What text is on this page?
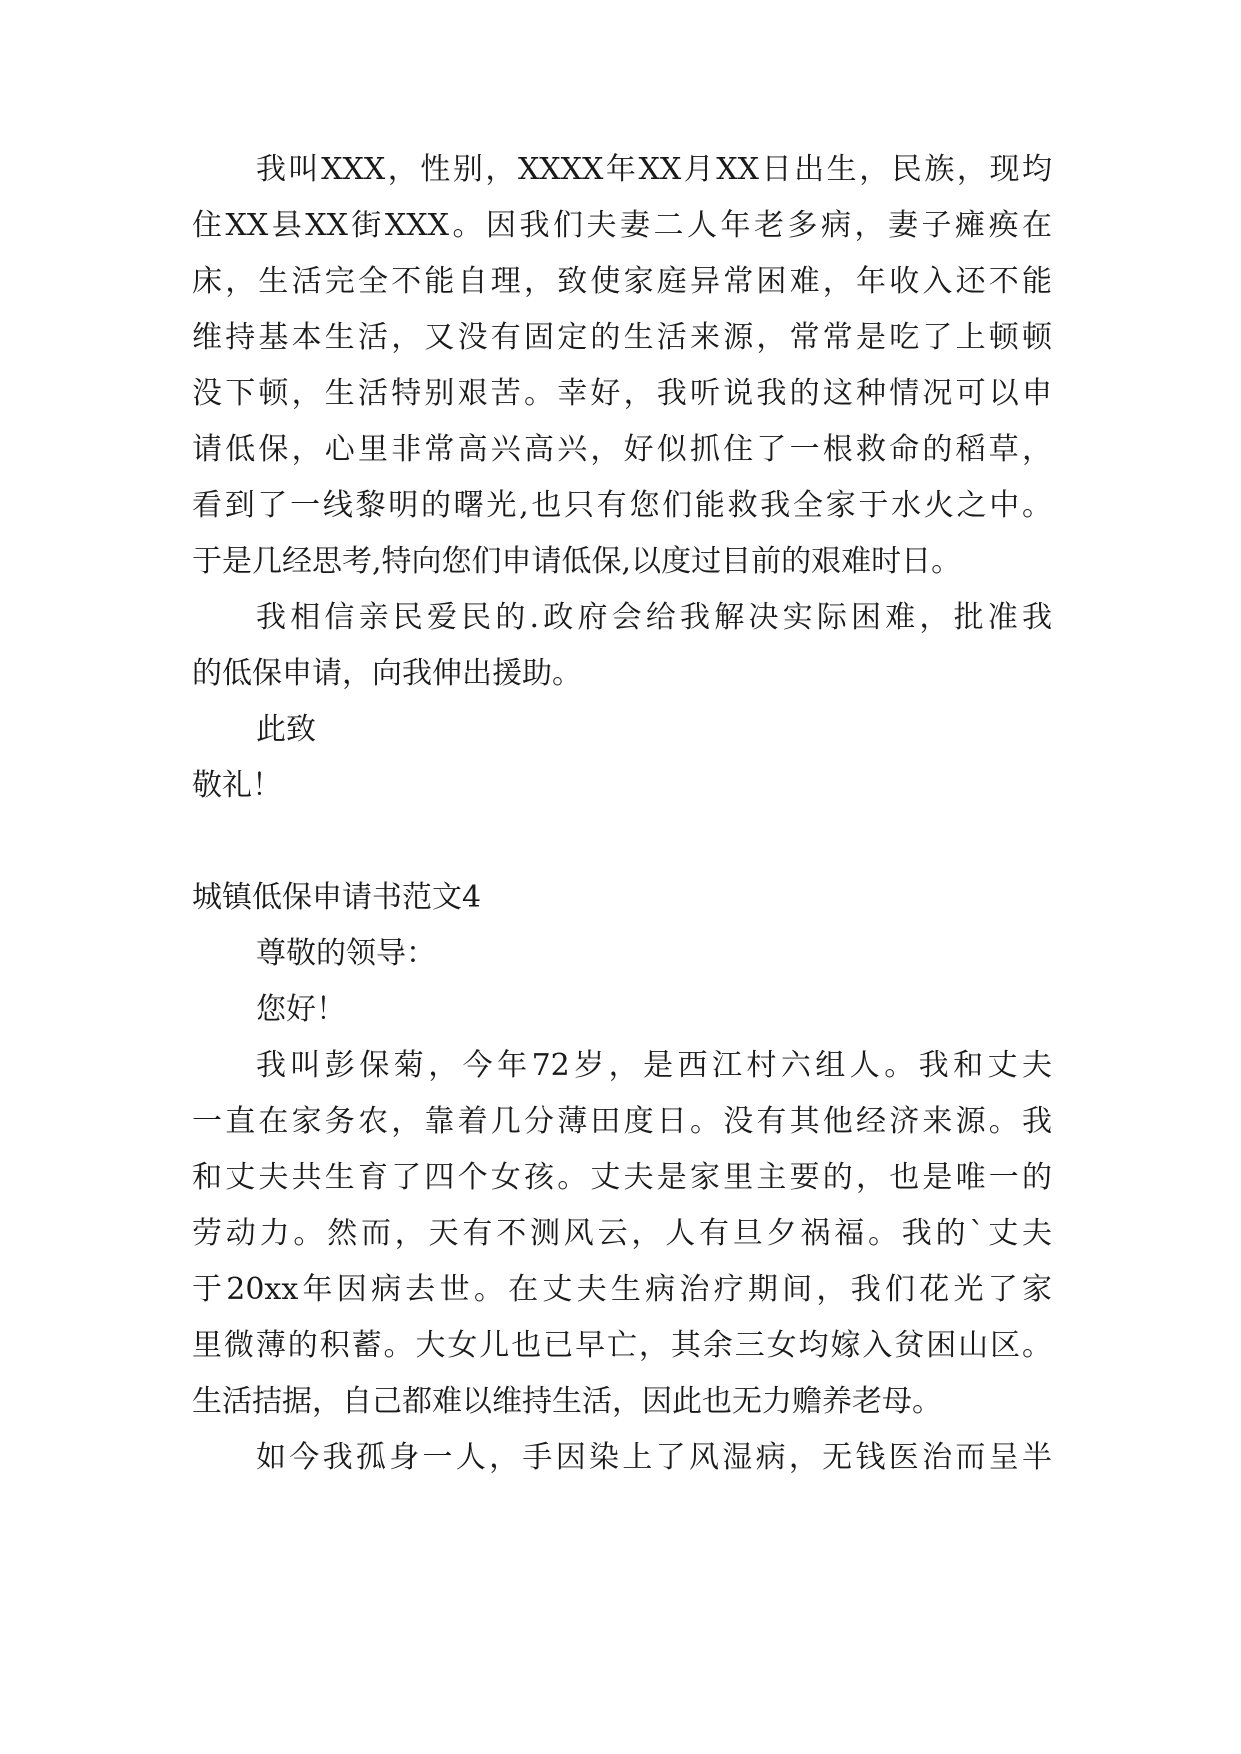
我叫XXX，性别，XXXX年XX月XX日出生，民族，现均
住XX县XX街XXX。因我们夫妻二人年老多病，妻子瘫痪在
床，生活完全不能自理，致使家庭异常困难，年收入还不能
维持基本生活，又没有固定的生活来源，常常是吃了上顿顿
没下顿，生活特别艰苦。幸好，我听说我的这种情况可以申
请低保，心里非常高兴高兴，好似抓住了一根救命的稻草，
看到了一线黎明的曙光,也只有您们能救我全家于水火之中。
于是几经思考,特向您们申请低保,以度过目前的艰难时日。
我相信亲民爱民的.政府会给我解决实际困难，批准我
的低保申请，向我伸出援助。
此致
敬礼！
城镇低保申请书范文4
尊敬的领导：
您好！
我叫彭保菊，今年72岁，是西江村六组人。我和丈夫
一直在家务农，靠着几分薄田度日。没有其他经济来源。我
和丈夫共生育了四个女孩。丈夫是家里主要的，也是唯一的
劳动力。然而，天有不测风云，人有旦夕祸福。我的`丈夫
于20xx年因病去世。在丈夫生病治疗期间，我们花光了家
里微薄的积蓄。大女儿也已早亡，其余三女均嫁入贫困山区。
生活拮据，自己都难以维持生活，因此也无力赡养老母。
如今我孤身一人，手因染上了风湿病，无钱医治而呈半
